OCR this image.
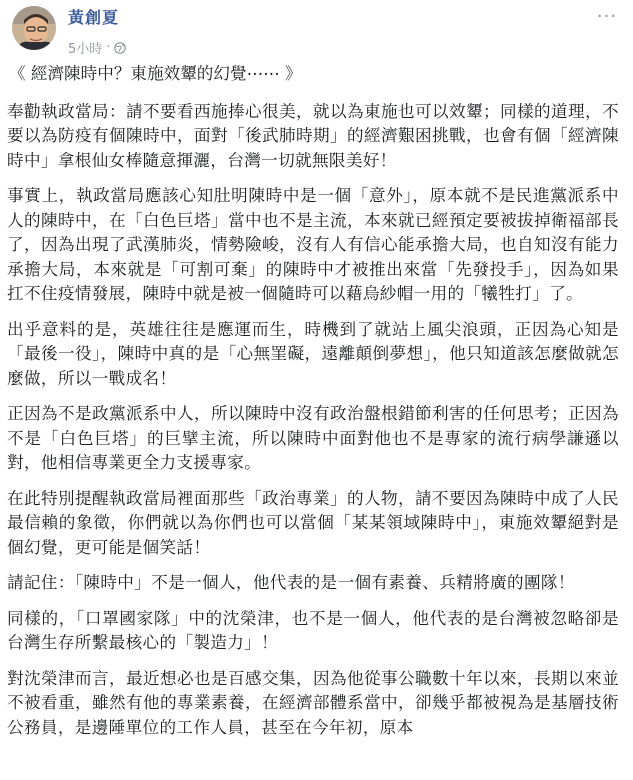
黃創夏
5小時 ·
···

《 經濟陳時中？東施效顰的幻覺⋯⋯ 》

奉勸執政當局：請不要看西施捧心很美，就以為東施也可以效顰；同樣的道理，不要以為防疫有個陳時中，面對「後武肺時期」的經濟艱困挑戰，也會有個「經濟陳時中」拿根仙女棒隨意揮灑，台灣一切就無限美好！

事實上，執政當局應該心知肚明陳時中是一個「意外」，原本就不是民進黨派系中人的陳時中，在「白色巨塔」當中也不是主流，本來就已經預定要被拔掉衛福部長了，因為出現了武漢肺炎，情勢險峻，沒有人有信心能承擔大局，也自知沒有能力承擔大局，本來就是「可割可棄」的陳時中才被推出來當「先發投手」，因為如果扛不住疫情發展，陳時中就是被一個隨時可以藉烏紗帽一用的「犧牲打」了。

出乎意料的是，英雄往往是應運而生，時機到了就站上風尖浪頭，正因為心知是「最後一役」，陳時中真的是「心無罣礙，遠離顛倒夢想」，他只知道該怎麼做就怎麼做，所以一戰成名！

正因為不是政黨派系中人，所以陳時中沒有政治盤根錯節利害的任何思考；正因為不是「白色巨塔」的巨擘主流，所以陳時中面對他也不是專家的流行病學謙遜以對，他相信專業更全力支援專家。

在此特別提醒執政當局裡面那些「政治專業」的人物，請不要因為陳時中成了人民最信賴的象徵，你們就以為你們也可以當個「某某領域陳時中」，東施效顰絕對是個幻覺，更可能是個笑話！

請記住：「陳時中」不是一個人，他代表的是一個有素養、兵精將廣的團隊！

同樣的，「口罩國家隊」中的沈榮津，也不是一個人，他代表的是台灣被忽略卻是台灣生存所繫最核心的「製造力」！

對沈榮津而言，最近想必也是百感交集，因為他從事公職數十年以來，長期以來並不被看重，雖然有他的專業素養，在經濟部體系當中，卻幾乎都被視為是基層技術公務員，是邊陲單位的工作人員，甚至在今年初，原本
